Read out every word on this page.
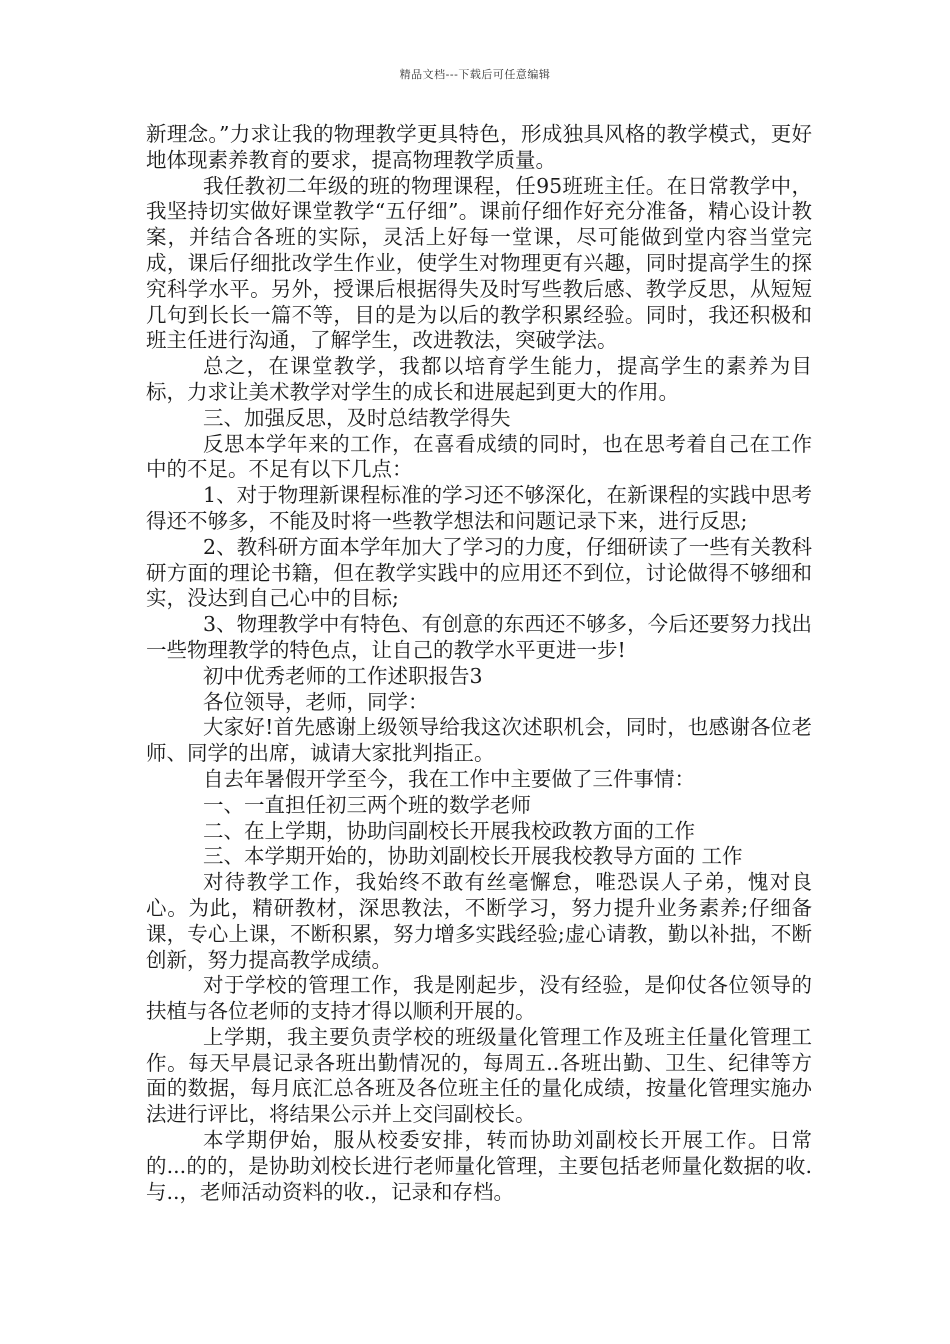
精品文档---下载后可任意编辑

新理念。”力求让我的物理教学更具特色，形成独具风格的教学模式，更好地体现素养教育的要求，提高物理教学质量。

我任教初二年级的班的物理课程，任95班班主任。在日常教学中，我坚持切实做好课堂教学“五仔细”。课前仔细作好充分准备，精心设计教案，并结合各班的实际，灵活上好每一堂课，尽可能做到堂内容当堂完成，课后仔细批改学生作业，使学生对物理更有兴趣，同时提高学生的探究科学水平。另外，授课后根据得失及时写些教后感、教学反思，从短短几句到长长一篇不等，目的是为以后的教学积累经验。同时，我还积极和班主任进行沟通，了解学生，改进教法，突破学法。

总之，在课堂教学，我都以培育学生能力，提高学生的素养为目标，力求让美术教学对学生的成长和进展起到更大的作用。

三、加强反思，及时总结教学得失

反思本学年来的工作，在喜看成绩的同时，也在思考着自己在工作中的不足。不足有以下几点：

1、对于物理新课程标准的学习还不够深化，在新课程的实践中思考得还不够多，不能及时将一些教学想法和问题记录下来，进行反思;

2、教科研方面本学年加大了学习的力度，仔细研读了一些有关教科研方面的理论书籍，但在教学实践中的应用还不到位，讨论做得不够细和实，没达到自己心中的目标;

3、物理教学中有特色、有创意的东西还不够多，今后还要努力找出一些物理教学的特色点，让自己的教学水平更进一步!

初中优秀老师的工作述职报告3

各位领导，老师，同学：

大家好!首先感谢上级领导给我这次述职机会，同时，也感谢各位老师、同学的出席，诚请大家批判指正。

自去年暑假开学至今，我在工作中主要做了三件事情：

一、一直担任初三两个班的数学老师

二、在上学期，协助闫副校长开展我校政教方面的工作

三、本学期开始的，协助刘副校长开展我校教导方面的 工作

对待教学工作，我始终不敢有丝毫懈怠，唯恐误人子弟，愧对良心。为此，精研教材，深思教法，不断学习，努力提升业务素养;仔细备课，专心上课，不断积累，努力增多实践经验;虚心请教，勤以补拙，不断创新，努力提高教学成绩。

对于学校的管理工作，我是刚起步，没有经验，是仰仗各位领导的扶植与各位老师的支持才得以顺利开展的。

上学期，我主要负责学校的班级量化管理工作及班主任量化管理工作。每天早晨记录各班出勤情况的，每周五..各班出勤、卫生、纪律等方面的数据，每月底汇总各班及各位班主任的量化成绩，按量化管理实施办法进行评比，将结果公示并上交闫副校长。

本学期伊始，服从校委安排，转而协助刘副校长开展工作。日常的...的的，是协助刘校长进行老师量化管理，主要包括老师量化数据的收.与..，老师活动资料的收.，记录和存档。
